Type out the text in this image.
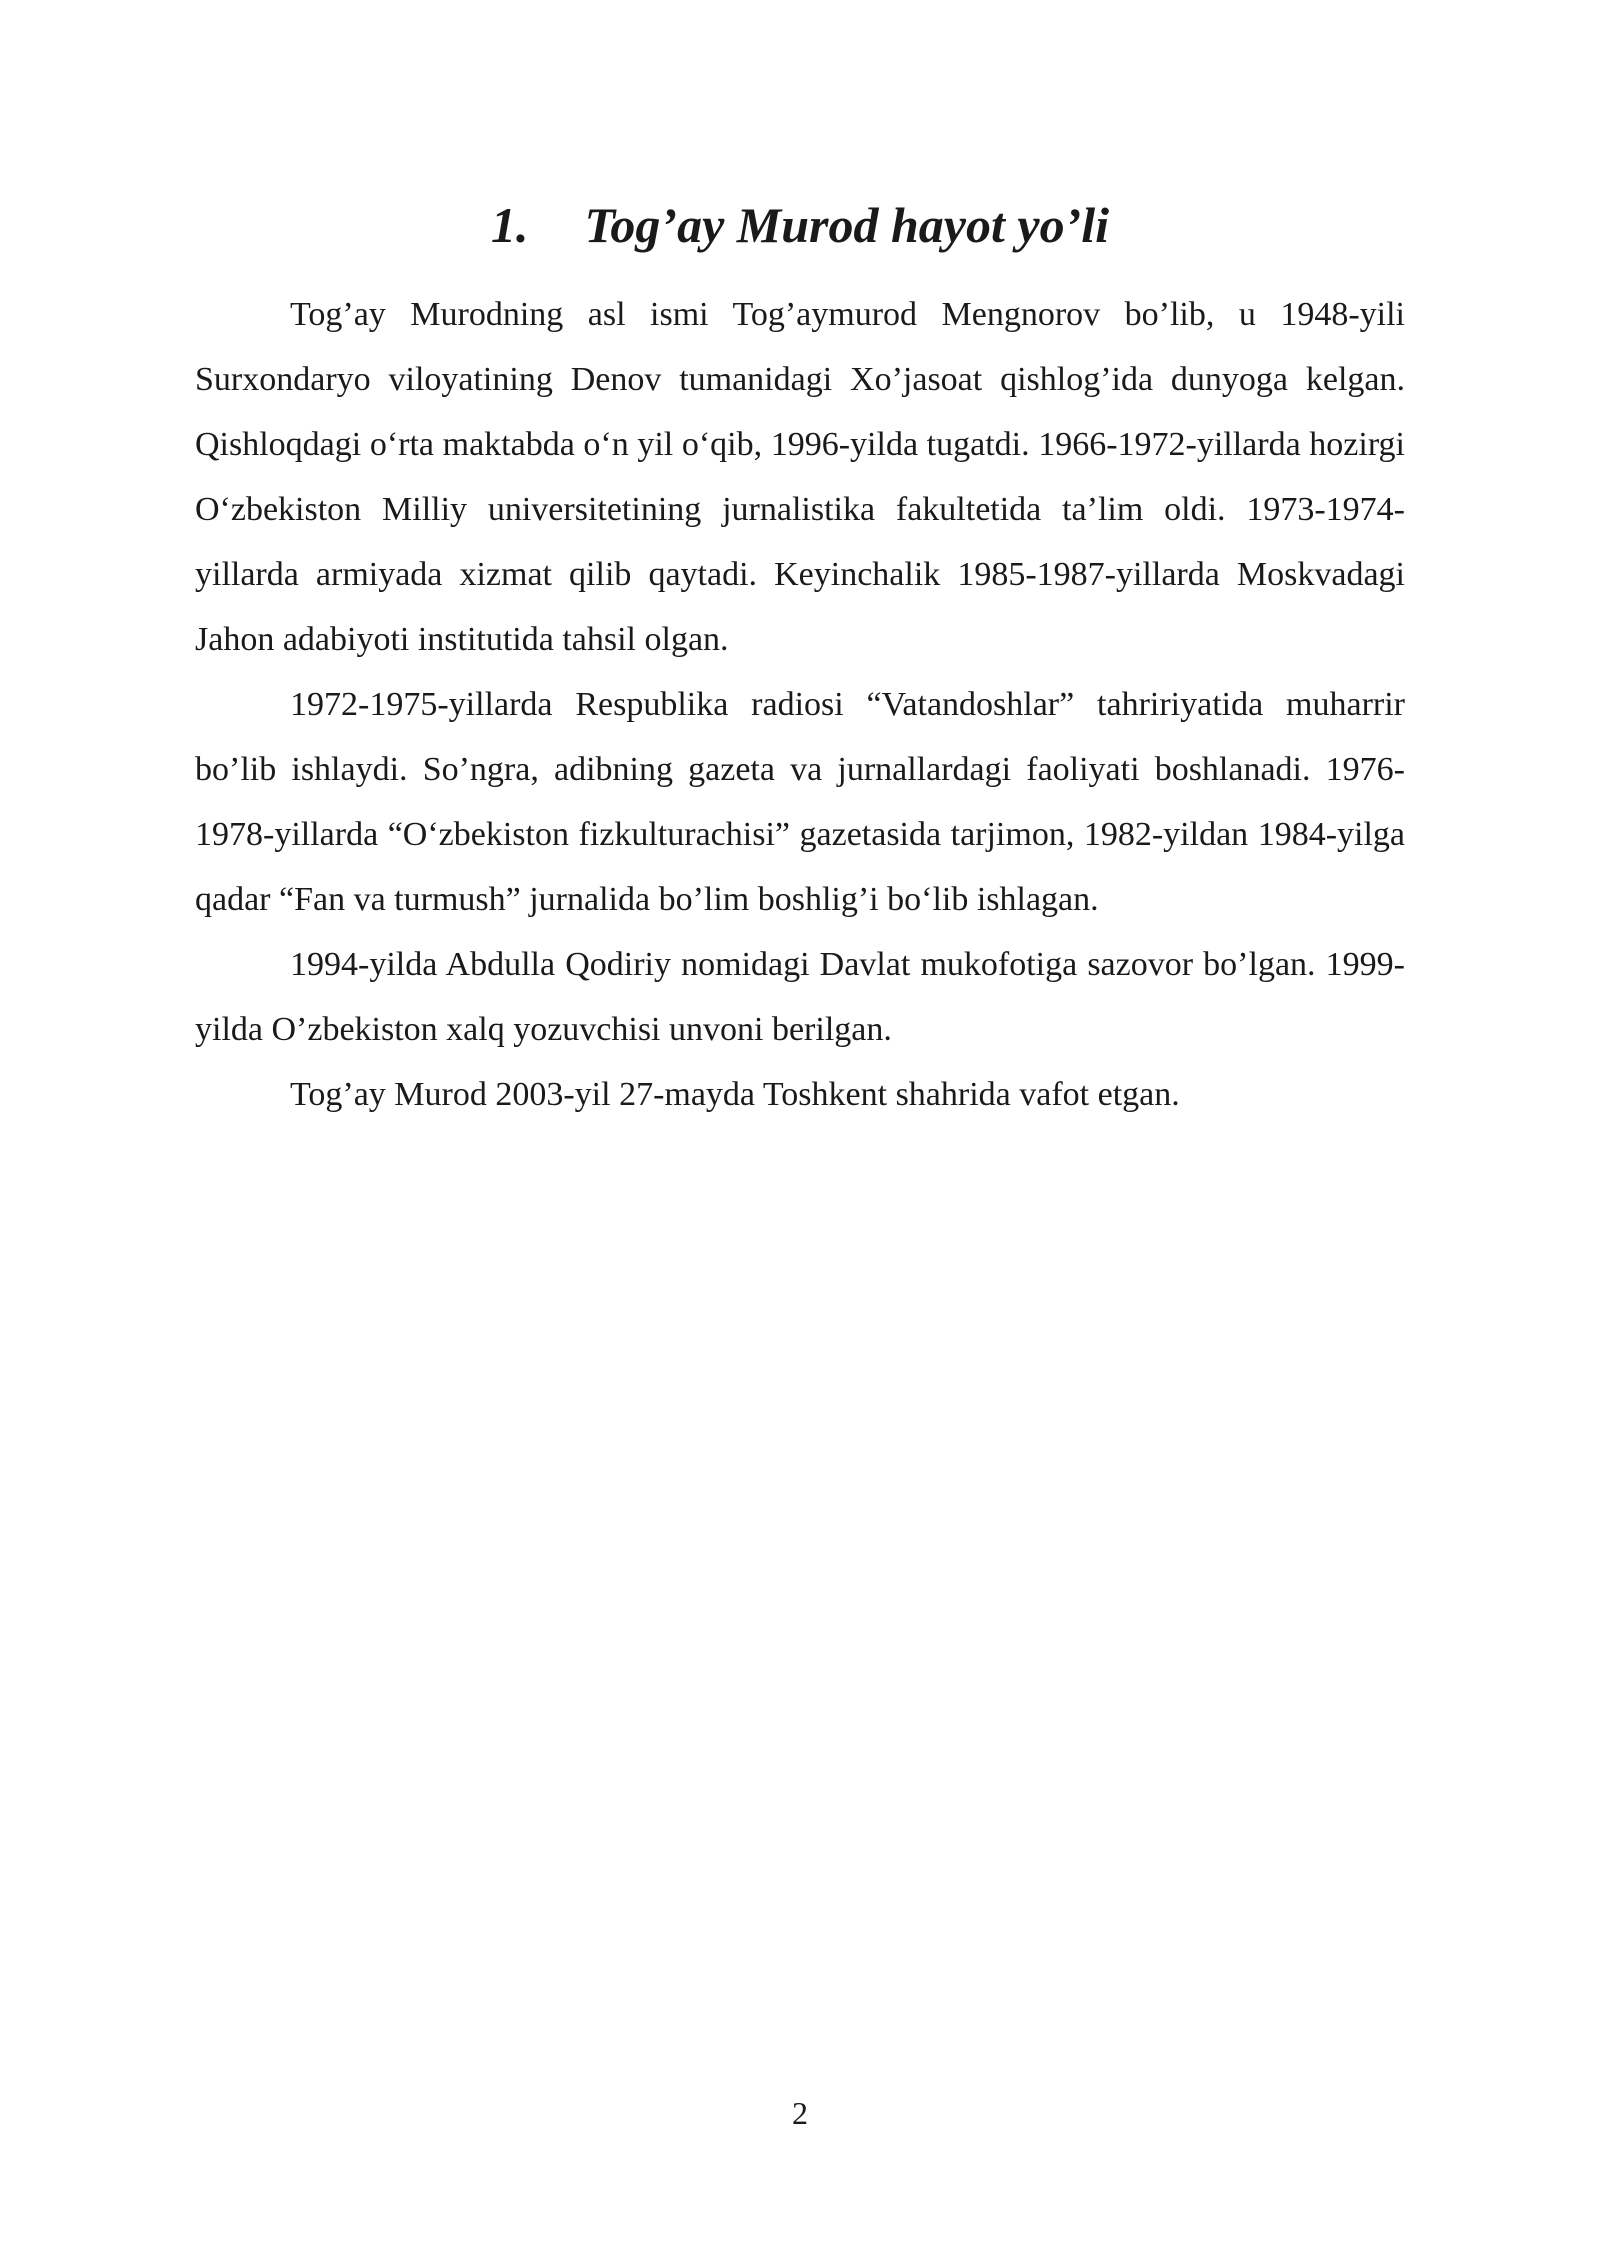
1. Tog’ay Murod hayot yo’li

Tog’ay Murodning asl ismi Tog’aymurod Mengnorov bo’lib, u 1948-yili Surxondaryo viloyatining Denov tumanidagi Xo’jasoat qishlog’ida dunyoga kelgan. Qishloqdagi o‘rta maktabda o‘n yil o‘qib, 1996-yilda tugatdi. 1966-1972-yillarda hozirgi O‘zbekiston Milliy universitetining jurnalistika fakultetida ta’lim oldi. 1973-1974-yillarda armiyada xizmat qilib qaytadi. Keyinchalik 1985-1987-yillarda Moskvadagi Jahon adabiyoti institutida tahsil olgan.

1972-1975-yillarda Respublika radiosi “Vatandoshlar” tahririyatida muharrir bo’lib ishlaydi. So’ngra, adibning gazeta va jurnallardagi faoliyati boshlanadi. 1976-1978-yillarda “O‘zbekiston fizkulturachisi” gazetasida tarjimon, 1982-yildan 1984-yilga qadar “Fan va turmush” jurnalida bo’lim boshlig’i bo‘lib ishlagan.

1994-yilda Abdulla Qodiriy nomidagi Davlat mukofotiga sazovor bo’lgan. 1999-yilda O’zbekiston xalq yozuvchisi unvoni berilgan.

Tog’ay Murod 2003-yil 27-mayda Toshkent shahrida vafot etgan.

2
